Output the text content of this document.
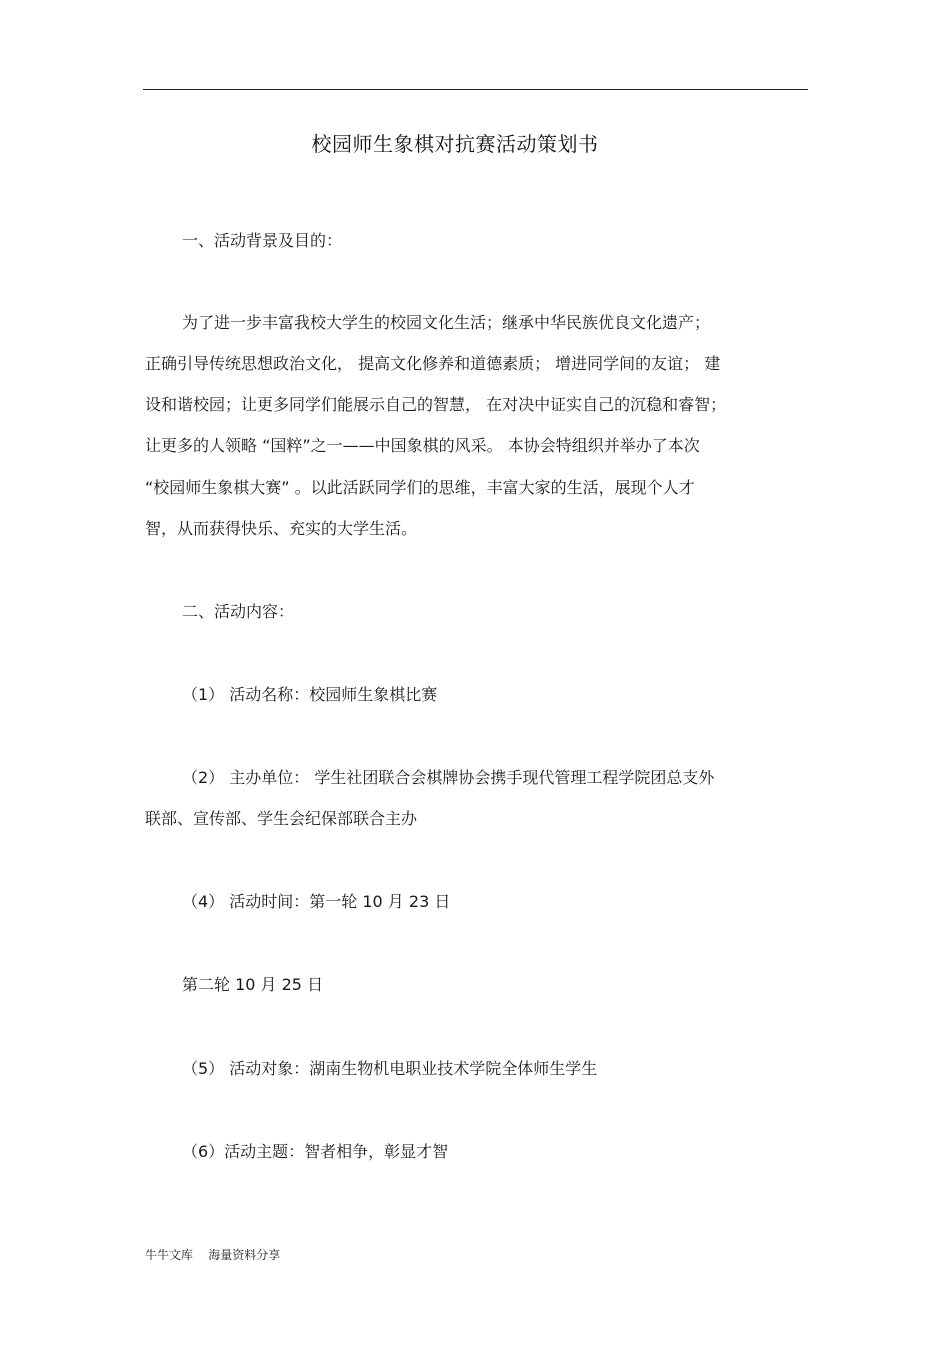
校园师生象棋对抗赛活动策划书
一、活动背景及目的：
为了进一步丰富我校大学生的校园文化生活；继承中华民族优良文化遗产；
正确引导传统思想政治文化， 提高文化修养和道德素质； 增进同学间的友谊； 建
设和谐校园；让更多同学们能展示自己的智慧， 在对决中证实自己的沉稳和睿智；
让更多的人领略 “国粹”之一——中国象棋的风采。 本协会特组织并举办了本次
“校园师生象棋大赛” 。以此活跃同学们的思维，丰富大家的生活，展现个人才
智，从而获得快乐、充实的大学生活。
二、活动内容：
（1） 活动名称：校园师生象棋比赛
（2） 主办单位： 学生社团联合会棋牌协会携手现代管理工程学院团总支外
联部、宣传部、学生会纪保部联合主办
（4） 活动时间：第一轮 10 月 23 日
第二轮 10 月 25 日
（5） 活动对象：湖南生物机电职业技术学院全体师生学生
（6）活动主题：智者相争，彰显才智
牛牛文库    海量资料分享
